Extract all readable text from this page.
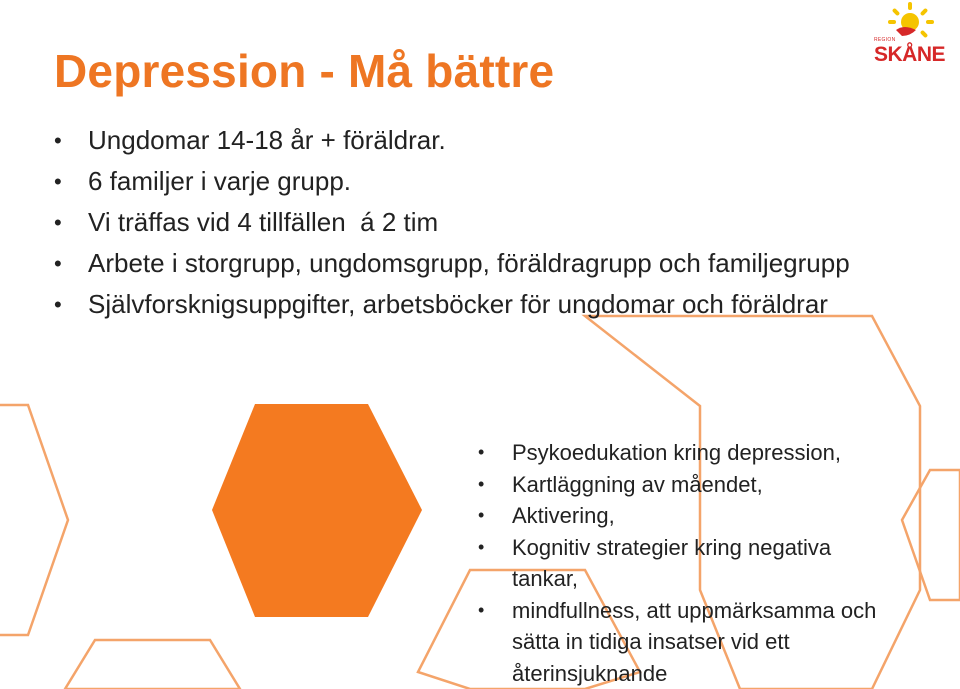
Depression - Må bättre
REGION
SKÅNE
•	Ungdomar 14-18 år + föräldrar.
•	6 familjer i varje grupp.
•	Vi träffas vid 4 tillfällen  á 2 tim
•	Arbete i storgrupp, ungdomsgrupp, föräldragrupp och familjegrupp
•	Självforsknigsuppgifter, arbetsböcker för ungdomar och föräldrar
• Psykoedukation kring depression,
• Kartläggning av måendet,
• Aktivering,
• Kognitiv strategier kring negativa tankar,
• mindfullness, att uppmärksamma och sätta in tidiga insatser vid ett återinsjuknande
